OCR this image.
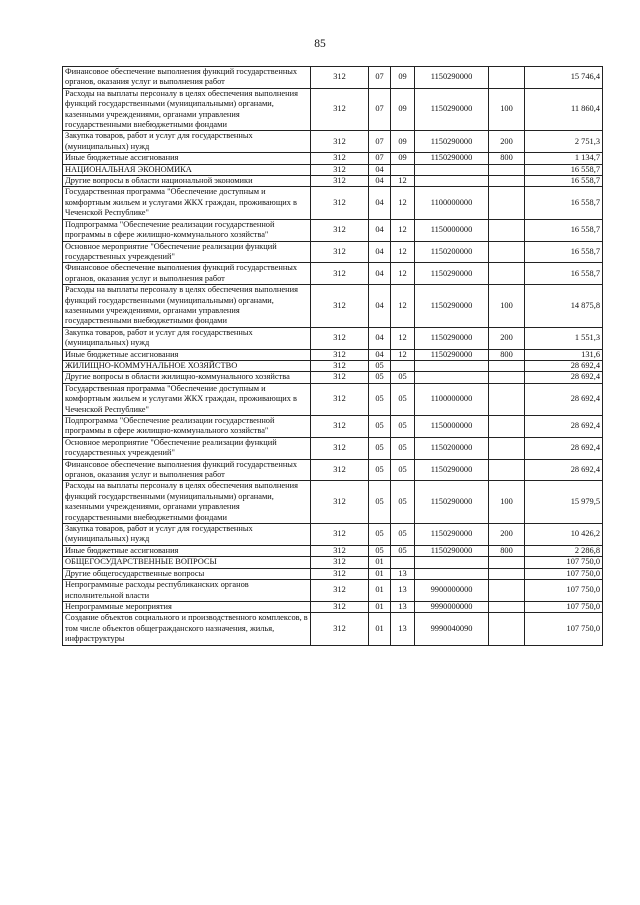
85
Финансовое обеспечение выполнения функций государственных органов, оказания услуг и выполнения работ	312	07	09	1150290000		15 746,4
Расходы на выплаты персоналу в целях обеспечения выполнения функций государственными (муниципальными) органами, казенными учреждениями, органами управления государственными внебюджетными фондами	312	07	09	1150290000	100	11 860,4
Закупка товаров, работ и услуг для государственных (муниципальных) нужд	312	07	09	1150290000	200	2 751,3
Иные бюджетные ассигнования	312	07	09	1150290000	800	1 134,7
НАЦИОНАЛЬНАЯ ЭКОНОМИКА	312	04				16 558,7
Другие вопросы в области национальной экономики	312	04	12			16 558,7
Государственная программа "Обеспечение доступным и комфортным жильем и услугами ЖКХ граждан, проживающих в Чеченской Республике"	312	04	12	1100000000		16 558,7
Подпрограмма "Обеспечение реализации государственной программы в сфере жилищно-коммунального хозяйства"	312	04	12	1150000000		16 558,7
Основное мероприятие "Обеспечение реализации функций государственных учреждений"	312	04	12	1150200000		16 558,7
Финансовое обеспечение выполнения функций государственных органов, оказания услуг и выполнения работ	312	04	12	1150290000		16 558,7
Расходы на выплаты персоналу в целях обеспечения выполнения функций государственными (муниципальными) органами, казенными учреждениями, органами управления государственными внебюджетными фондами	312	04	12	1150290000	100	14 875,8
Закупка товаров, работ и услуг для государственных (муниципальных) нужд	312	04	12	1150290000	200	1 551,3
Иные бюджетные ассигнования	312	04	12	1150290000	800	131,6
ЖИЛИЩНО-КОММУНАЛЬНОЕ ХОЗЯЙСТВО	312	05				28 692,4
Другие вопросы в области жилищно-коммунального хозяйства	312	05	05			28 692,4
Государственная программа "Обеспечение доступным и комфортным жильем и услугами ЖКХ граждан, проживающих в Чеченской Республике"	312	05	05	1100000000		28 692,4
Подпрограмма "Обеспечение реализации государственной программы в сфере жилищно-коммунального хозяйства"	312	05	05	1150000000		28 692,4
Основное мероприятие "Обеспечение реализации функций государственных учреждений"	312	05	05	1150200000		28 692,4
Финансовое обеспечение выполнения функций государственных органов, оказания услуг и выполнения работ	312	05	05	1150290000		28 692,4
Расходы на выплаты персоналу в целях обеспечения выполнения функций государственными (муниципальными) органами, казенными учреждениями, органами управления государственными внебюджетными фондами	312	05	05	1150290000	100	15 979,5
Закупка товаров, работ и услуг для государственных (муниципальных) нужд	312	05	05	1150290000	200	10 426,2
Иные бюджетные ассигнования	312	05	05	1150290000	800	2 286,8
ОБЩЕГОСУДАРСТВЕННЫЕ ВОПРОСЫ	312	01				107 750,0
Другие общегосударственные вопросы	312	01	13			107 750,0
Непрограммные расходы республиканских органов исполнительной власти	312	01	13	9900000000		107 750,0
Непрограммные мероприятия	312	01	13	9990000000		107 750,0
Создание объектов социального и производственного комплексов, в том числе объектов общегражданского назначения, жилья, инфраструктуры	312	01	13	9990040090		107 750,0
